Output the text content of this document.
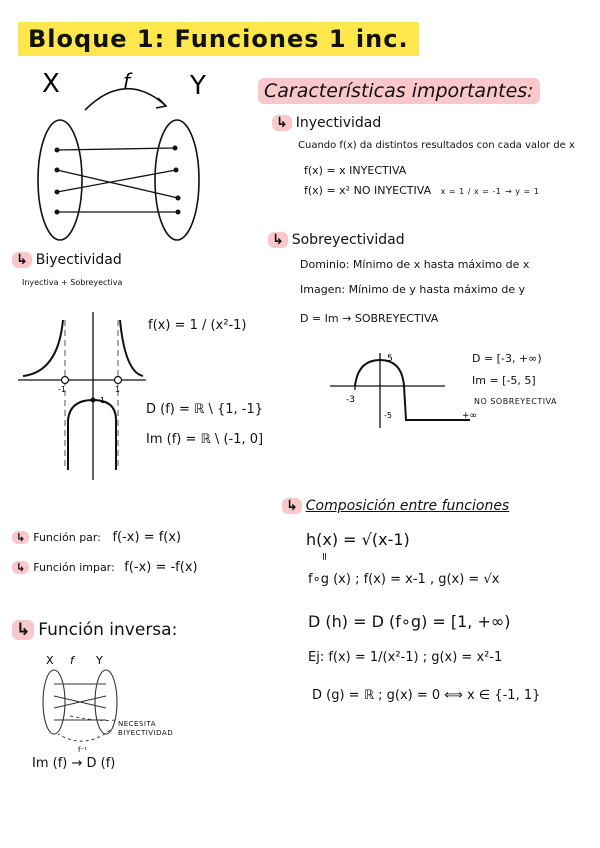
Bloque 1: Funciones 1 inc.
X	Y
f	Características importantes:
↳ Inyectividad
Cuando f(x) da distintos resultados con cada valor de x
f(x) = x INYECTIVA
f(x) = x² NO INYECTIVA x = 1 / x = -1 → y = 1
↳ Sobreyectividad
Dominio: Mínimo de x hasta máximo de x
Imagen: Mínimo de y hasta máximo de y
D = Im → SOBREYECTIVA
5
-3
-5	+∞
D = [-3, +∞)
Im = [-5, 5]
NO SOBREYECTIVA
↳ Biyectividad
Inyectiva + Sobreyectiva
-1	1
-1
f(x) = 1 / (x²-1)
D (f) = ℝ \ {1, -1}
Im (f) = ℝ \ (-1, 0]
↳ Función par: f(-x) = f(x)
↳ Función impar: f(-x) = -f(x)
↳ Función inversa:
X f Y
f⁻¹
NECESITA BIYECTIVIDAD
Im (f) → D (f)
↳ Composición entre funciones
h(x) = √(x-1)
=
f∘g (x) ; f(x) = x-1 , g(x) = √x
D (h) = D (f∘g) = [1, +∞)
Ej: f(x) = 1/(x²-1) ; g(x) = x²-1
D (g) = ℝ ; g(x) = 0 ⟺ x ∈ {-1, 1}
